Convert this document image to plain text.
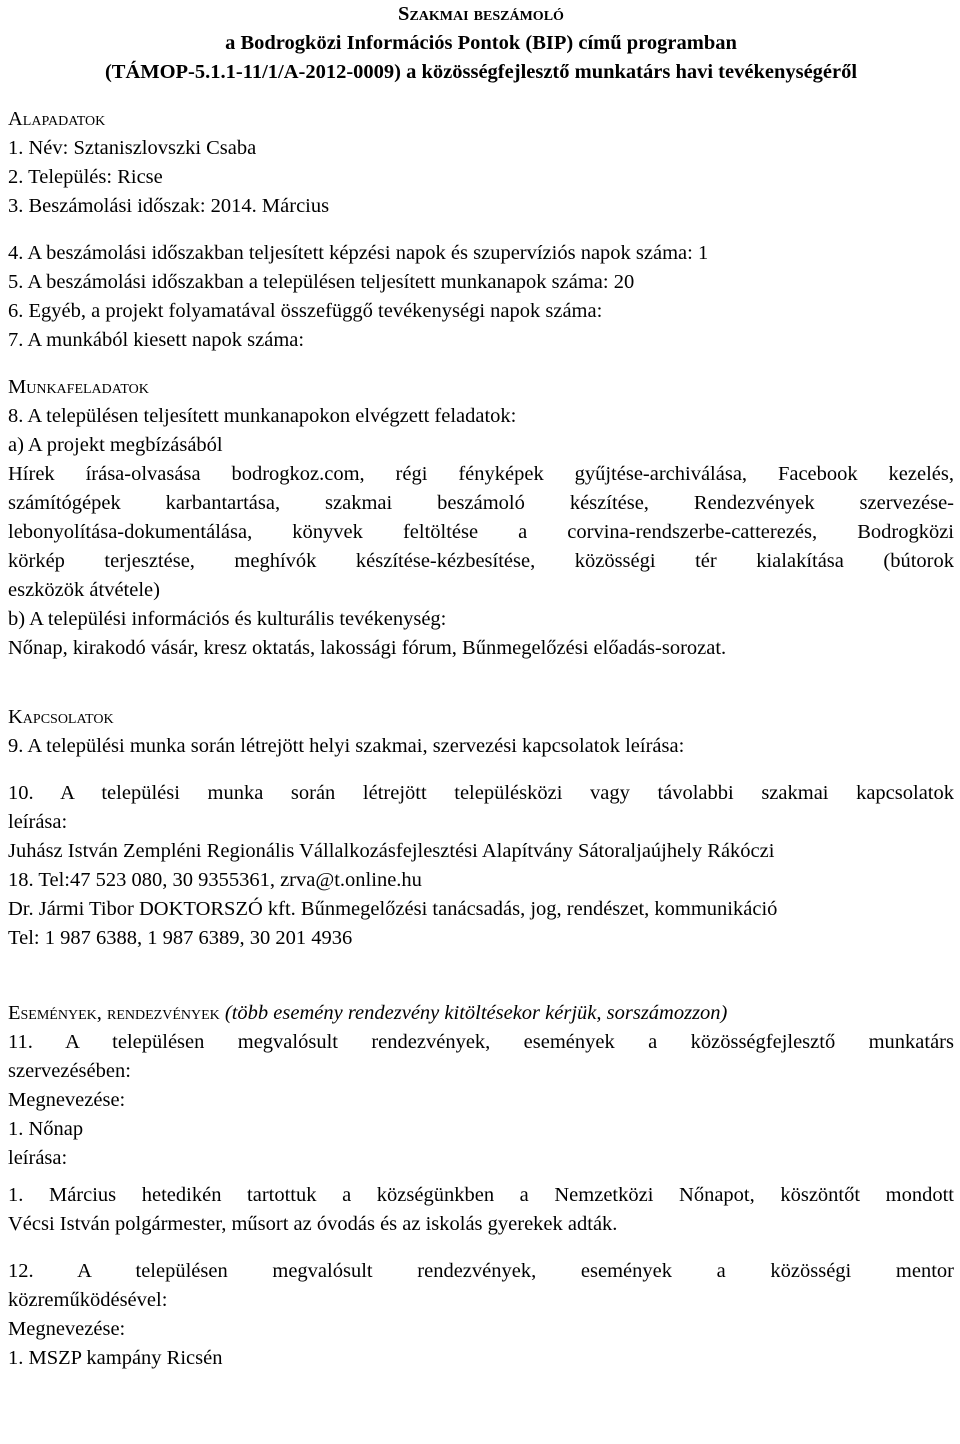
Szakmai beszámoló
a Bodrogközi Információs Pontok (BIP) című programban
(TÁMOP-5.1.1-11/1/A-2012-0009) a közösségfejlesztő munkatárs havi tevékenységéről
Alapadatok
1. Név: Sztaniszlovszki Csaba
2. Település: Ricse
3. Beszámolási időszak: 2014. Március
4. A beszámolási időszakban teljesített képzési napok és szupervíziós napok száma: 1
5. A beszámolási időszakban a településen teljesített munkanapok száma: 20
6. Egyéb, a projekt folyamatával összefüggő tevékenységi napok száma:
7. A munkából kiesett napok száma:
Munkafeladatok
8. A településen teljesített munkanapokon elvégzett feladatok:
a) A projekt megbízásából
Hírek írása-olvasása bodrogkoz.com, régi fényképek gyűjtése-archiválása, Facebook kezelés,
számítógépek karbantartása, szakmai beszámoló készítése, Rendezvények szervezése-
lebonyolítása-dokumentálása, könyvek feltöltése a corvina-rendszerbe-catterezés, Bodrogközi
körkép terjesztése, meghívók készítése-kézbesítése, közösségi tér kialakítása (bútorok
eszközök átvétele)
b) A települési információs és kulturális tevékenység:
Nőnap, kirakodó vásár, kresz oktatás, lakossági fórum, Bűnmegelőzési előadás-sorozat.
Kapcsolatok
9. A települési munka során létrejött helyi szakmai, szervezési kapcsolatok leírása:
10. A települési munka során létrejött településközi vagy távolabbi szakmai kapcsolatok
leírása:
Juhász István Zempléni Regionális Vállalkozásfejlesztési Alapítvány Sátoraljaújhely Rákóczi
18. Tel:47 523 080, 30 9355361, zrva@t.online.hu
Dr. Jármi Tibor DOKTORSZÓ kft. Bűnmegelőzési tanácsadás, jog, rendészet, kommunikáció
Tel: 1 987 6388, 1 987 6389, 30 201 4936
Események, rendezvények (több esemény rendezvény kitöltésekor kérjük, sorszámozzon)
11. A településen megvalósult rendezvények, események a közösségfejlesztő munkatárs
szervezésében:
Megnevezése:
1. Nőnap
leírása:
1. Március hetedikén tartottuk a községünkben a Nemzetközi Nőnapot, köszöntőt mondott
Vécsi István polgármester, műsort az óvodás és az iskolás gyerekek adták.
12. A településen megvalósult rendezvények, események a közösségi mentor
közreműködésével:
Megnevezése:
1. MSZP kampány Ricsén
